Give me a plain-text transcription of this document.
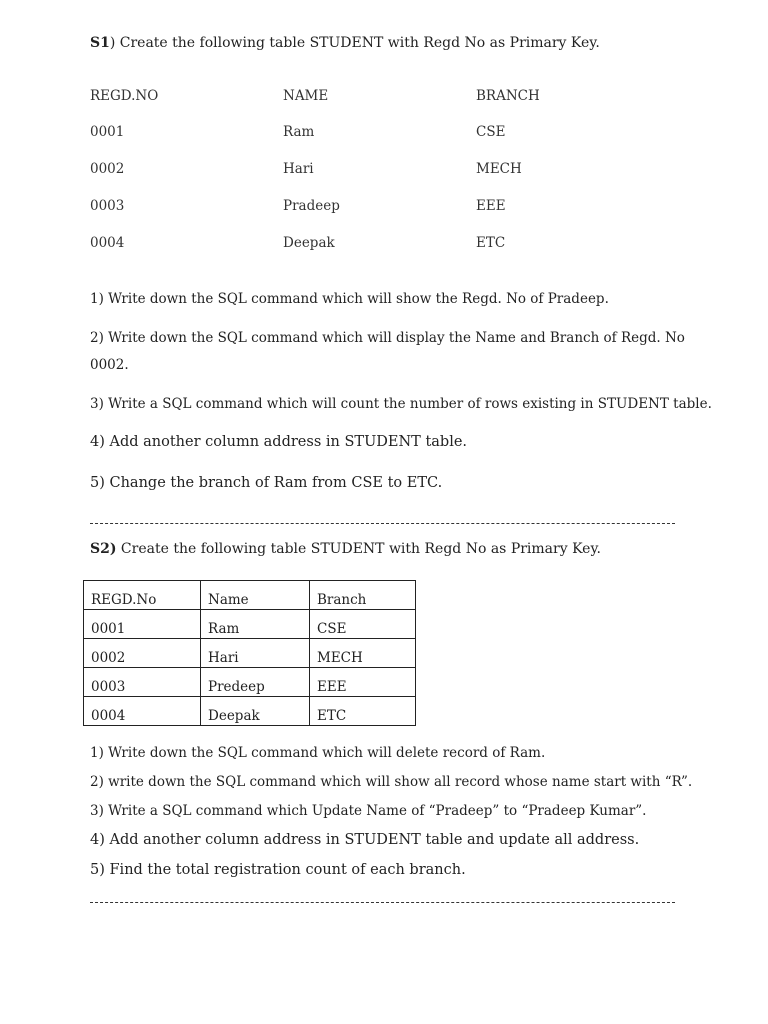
S1) Create the following table STUDENT with Regd No as Primary Key.
REGD.NO	NAME	BRANCH
0001	Ram	CSE
0002	Hari	MECH
0003	Pradeep	EEE
0004	Deepak	ETC
1) Write down the SQL command which will show the Regd. No of Pradeep.
2) Write down the SQL command which will display the Name and Branch of Regd. No
0002.
3) Write a SQL command which will count the number of rows existing in STUDENT table.
4) Add another column address in STUDENT table.
5) Change the branch of Ram from CSE to ETC.
S2) Create the following table STUDENT with Regd No as Primary Key.
REGD.No	Name	Branch
0001	Ram	CSE
0002	Hari	MECH
0003	Predeep	EEE
0004	Deepak	ETC
1) Write down the SQL command which will delete record of Ram.
2) write down the SQL command which will show all record whose name start with “R”.
3) Write a SQL command which Update Name of “Pradeep” to “Pradeep Kumar”.
4) Add another column address in STUDENT table and update all address.
5) Find the total registration count of each branch.
